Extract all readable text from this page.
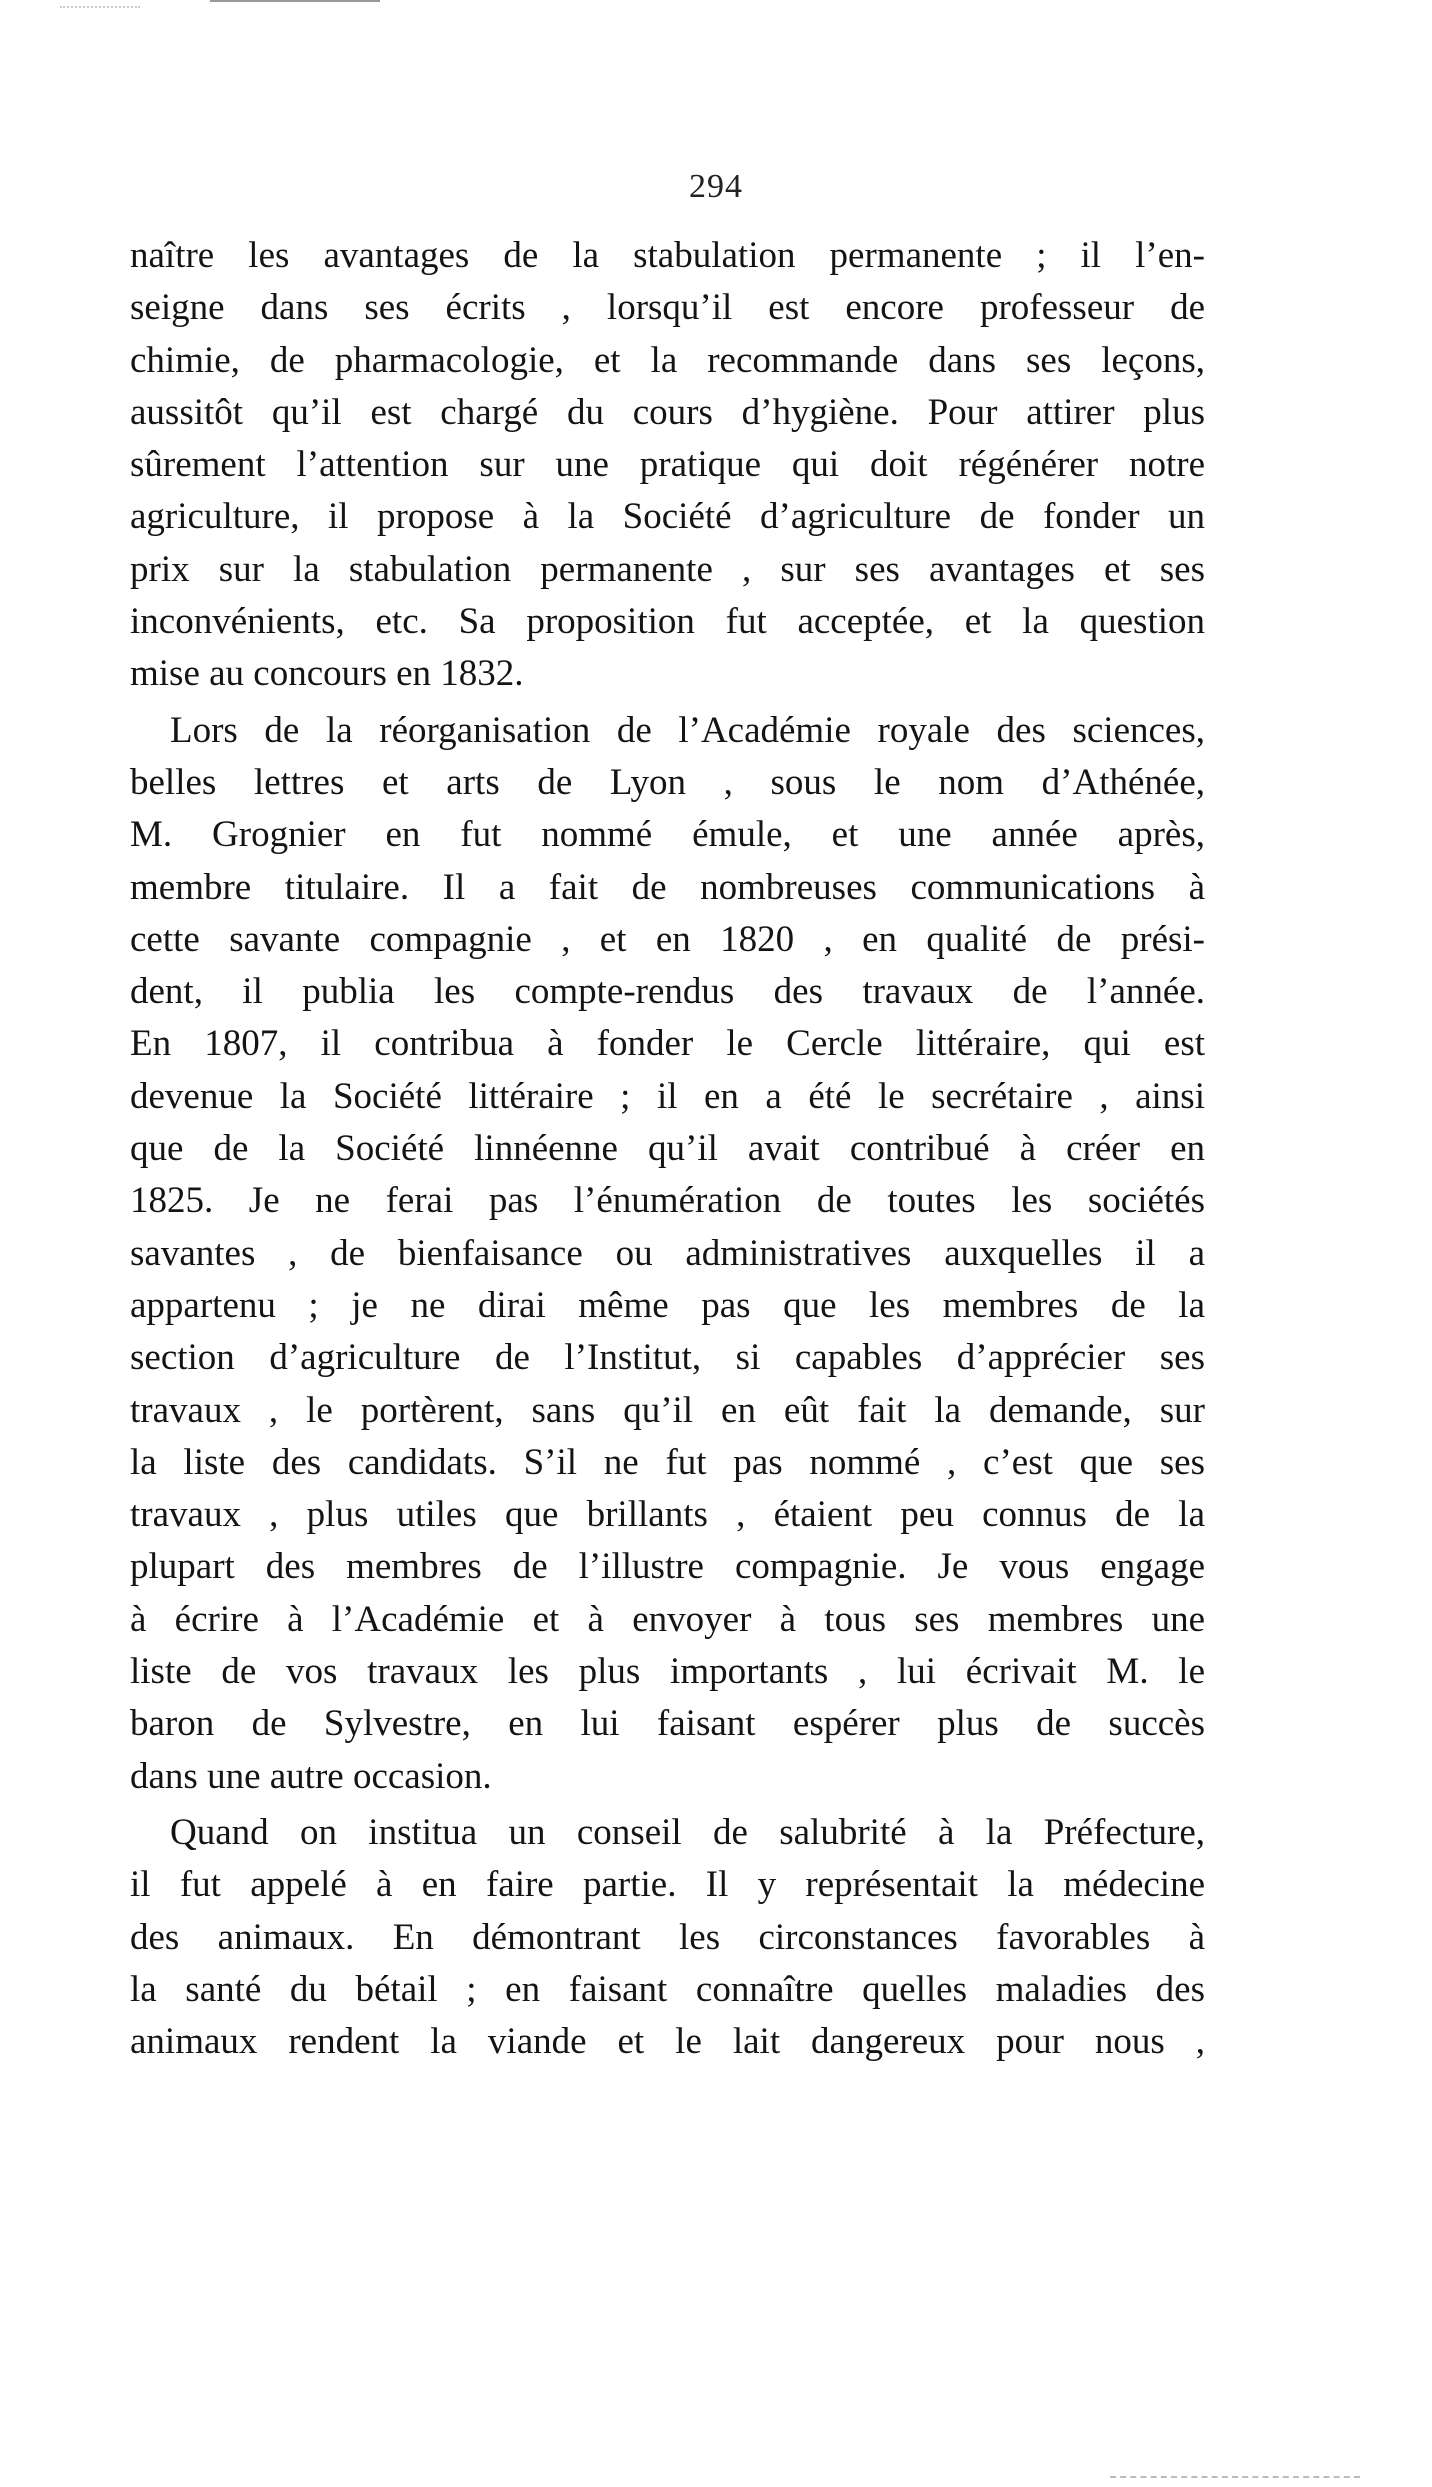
294
naître les avantages de la stabulation permanente ; il l’en-
seigne dans ses écrits , lorsqu’il est encore professeur de
chimie, de pharmacologie, et la recommande dans ses leçons,
aussitôt qu’il est chargé du cours d’hygiène. Pour attirer plus
sûrement l’attention sur une pratique qui doit régénérer notre
agriculture, il propose à la Société d’agriculture de fonder un
prix sur la stabulation permanente , sur ses avantages et ses
inconvénients, etc. Sa proposition fut acceptée, et la question
mise au concours en 1832.
Lors de la réorganisation de l’Académie royale des sciences,
belles lettres et arts de Lyon , sous le nom d’Athénée,
M. Grognier en fut nommé émule, et une année après,
membre titulaire. Il a fait de nombreuses communications à
cette savante compagnie , et en 1820 , en qualité de prési-
dent, il publia les compte-rendus des travaux de l’année.
En 1807, il contribua à fonder le Cercle littéraire, qui est
devenue la Société littéraire ; il en a été le secrétaire , ainsi
que de la Société linnéenne qu’il avait contribué à créer en
1825. Je ne ferai pas l’énumération de toutes les sociétés
savantes , de bienfaisance ou administratives auxquelles il a
appartenu ; je ne dirai même pas que les membres de la
section d’agriculture de l’Institut, si capables d’apprécier ses
travaux , le portèrent, sans qu’il en eût fait la demande, sur
la liste des candidats. S’il ne fut pas nommé , c’est que ses
travaux , plus utiles que brillants , étaient peu connus de la
plupart des membres de l’illustre compagnie. Je vous engage
à écrire à l’Académie et à envoyer à tous ses membres une
liste de vos travaux les plus importants , lui écrivait M. le
baron de Sylvestre, en lui faisant espérer plus de succès
dans une autre occasion.
Quand on institua un conseil de salubrité à la Préfecture,
il fut appelé à en faire partie. Il y représentait la médecine
des animaux. En démontrant les circonstances favorables à
la santé du bétail ; en faisant connaître quelles maladies des
animaux rendent la viande et le lait dangereux pour nous ,
